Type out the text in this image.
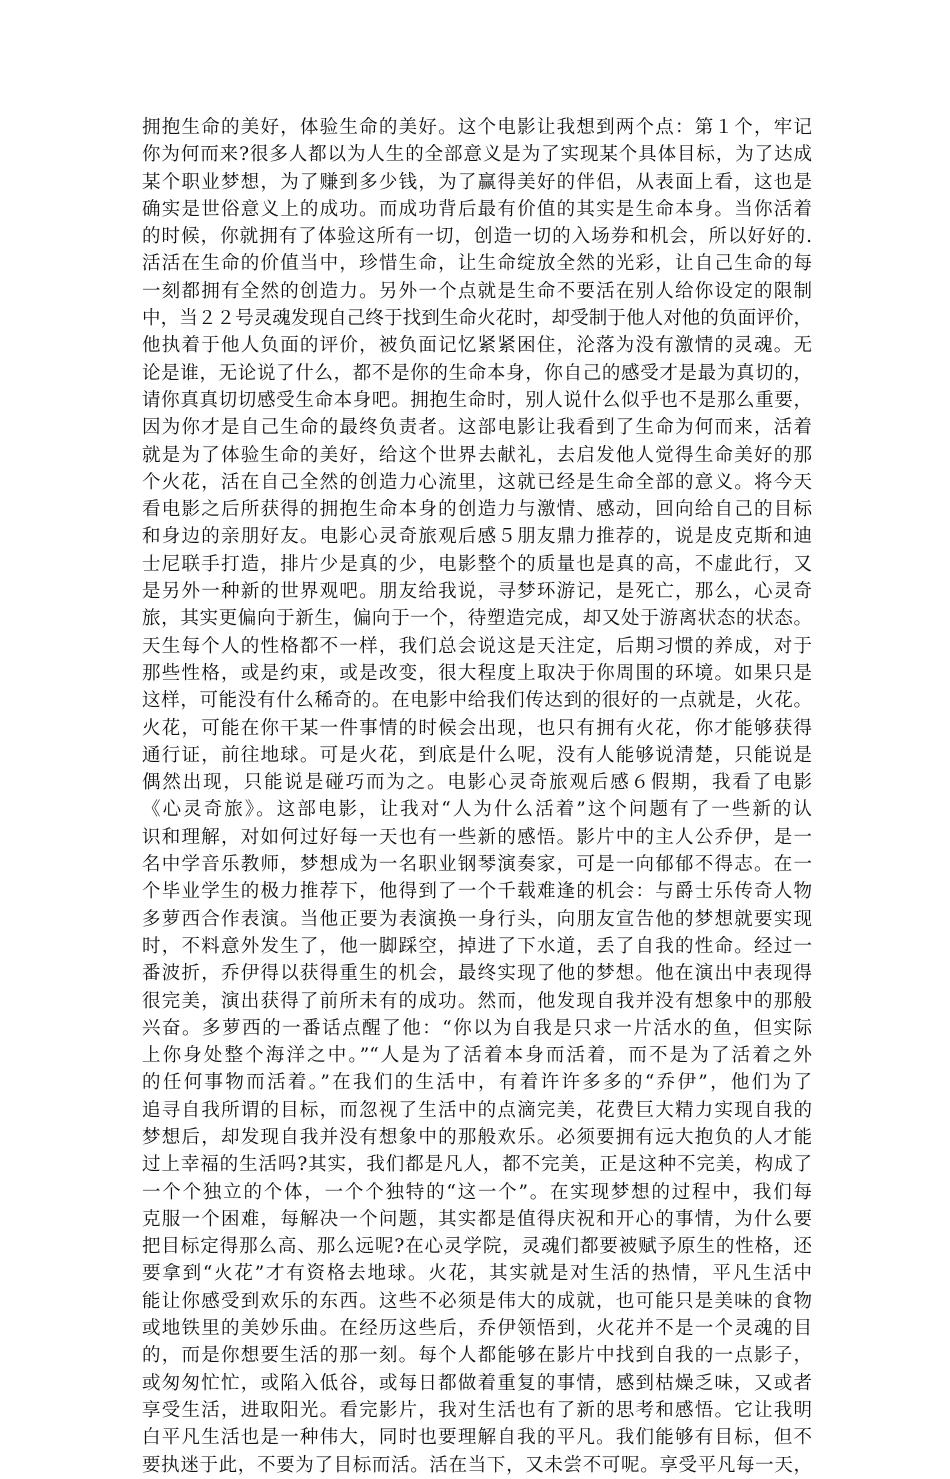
拥抱生命的美好，体验生命的美好。这个电影让我想到两个点：第１个，牢记
你为何而来?很多人都以为人生的全部意义是为了实现某个具体目标，为了达成
某个职业梦想，为了赚到多少钱，为了赢得美好的伴侣，从表面上看，这也是
确实是世俗意义上的成功。而成功背后最有价值的其实是生命本身。当你活着
的时候，你就拥有了体验这所有一切，创造一切的入场券和机会，所以好好的.
活活在生命的价值当中，珍惜生命，让生命绽放全然的光彩，让自己生命的每
一刻都拥有全然的创造力。另外一个点就是生命不要活在别人给你设定的限制
中，当２２号灵魂发现自己终于找到生命火花时，却受制于他人对他的负面评价，
他执着于他人负面的评价，被负面记忆紧紧困住，沦落为没有激情的灵魂。无
论是谁，无论说了什么，都不是你的生命本身，你自己的感受才是最为真切的，
请你真真切切感受生命本身吧。拥抱生命时，别人说什么似乎也不是那么重要，
因为你才是自己生命的最终负责者。这部电影让我看到了生命为何而来，活着
就是为了体验生命的美好，给这个世界去献礼，去启发他人觉得生命美好的那
个火花，活在自己全然的创造力心流里，这就已经是生命全部的意义。将今天
看电影之后所获得的拥抱生命本身的创造力与激情、感动，回向给自己的目标
和身边的亲朋好友。电影心灵奇旅观后感５朋友鼎力推荐的，说是皮克斯和迪
士尼联手打造，排片少是真的少，电影整个的质量也是真的高，不虚此行，又
是另外一种新的世界观吧。朋友给我说，寻梦环游记，是死亡，那么，心灵奇
旅，其实更偏向于新生，偏向于一个，待塑造完成，却又处于游离状态的状态。
天生每个人的性格都不一样，我们总会说这是天注定，后期习惯的养成，对于
那些性格，或是约束，或是改变，很大程度上取决于你周围的环境。如果只是
这样，可能没有什么稀奇的。在电影中给我们传达到的很好的一点就是，火花。
火花，可能在你干某一件事情的时候会出现，也只有拥有火花，你才能够获得
通行证，前往地球。可是火花，到底是什么呢，没有人能够说清楚，只能说是
偶然出现，只能说是碰巧而为之。电影心灵奇旅观后感６假期，我看了电影
《心灵奇旅》。这部电影，让我对“人为什么活着”这个问题有了一些新的认
识和理解，对如何过好每一天也有一些新的感悟。影片中的主人公乔伊，是一
名中学音乐教师，梦想成为一名职业钢琴演奏家，可是一向郁郁不得志。在一
个毕业学生的极力推荐下，他得到了一个千载难逢的机会：与爵士乐传奇人物
多萝西合作表演。当他正要为表演换一身行头，向朋友宣告他的梦想就要实现
时，不料意外发生了，他一脚踩空，掉进了下水道，丢了自我的性命。经过一
番波折，乔伊得以获得重生的机会，最终实现了他的梦想。他在演出中表现得
很完美，演出获得了前所未有的成功。然而，他发现自我并没有想象中的那般
兴奋。多萝西的一番话点醒了他：“你以为自我是只求一片活水的鱼，但实际
上你身处整个海洋之中。”“人是为了活着本身而活着，而不是为了活着之外
的任何事物而活着。”在我们的生活中，有着许许多多的“乔伊”，他们为了
追寻自我所谓的目标，而忽视了生活中的点滴完美，花费巨大精力实现自我的
梦想后，却发现自我并没有想象中的那般欢乐。必须要拥有远大抱负的人才能
过上幸福的生活吗?其实，我们都是凡人，都不完美，正是这种不完美，构成了
一个个独立的个体，一个个独特的“这一个”。在实现梦想的过程中，我们每
克服一个困难，每解决一个问题，其实都是值得庆祝和开心的事情，为什么要
把目标定得那么高、那么远呢?在心灵学院，灵魂们都要被赋予原生的性格，还
要拿到“火花”才有资格去地球。火花，其实就是对生活的热情，平凡生活中
能让你感受到欢乐的东西。这些不必须是伟大的成就，也可能只是美味的食物
或地铁里的美妙乐曲。在经历这些后，乔伊领悟到，火花并不是一个灵魂的目
的，而是你想要生活的那一刻。每个人都能够在影片中找到自我的一点影子，
或匆匆忙忙，或陷入低谷，或每日都做着重复的事情，感到枯燥乏味，又或者
享受生活，进取阳光。看完影片，我对生活也有了新的思考和感悟。它让我明
白平凡生活也是一种伟大，同时也要理解自我的平凡。我们能够有目标，但不
要执迷于此，不要为了目标而活。活在当下，又未尝不可呢。享受平凡每一天，
